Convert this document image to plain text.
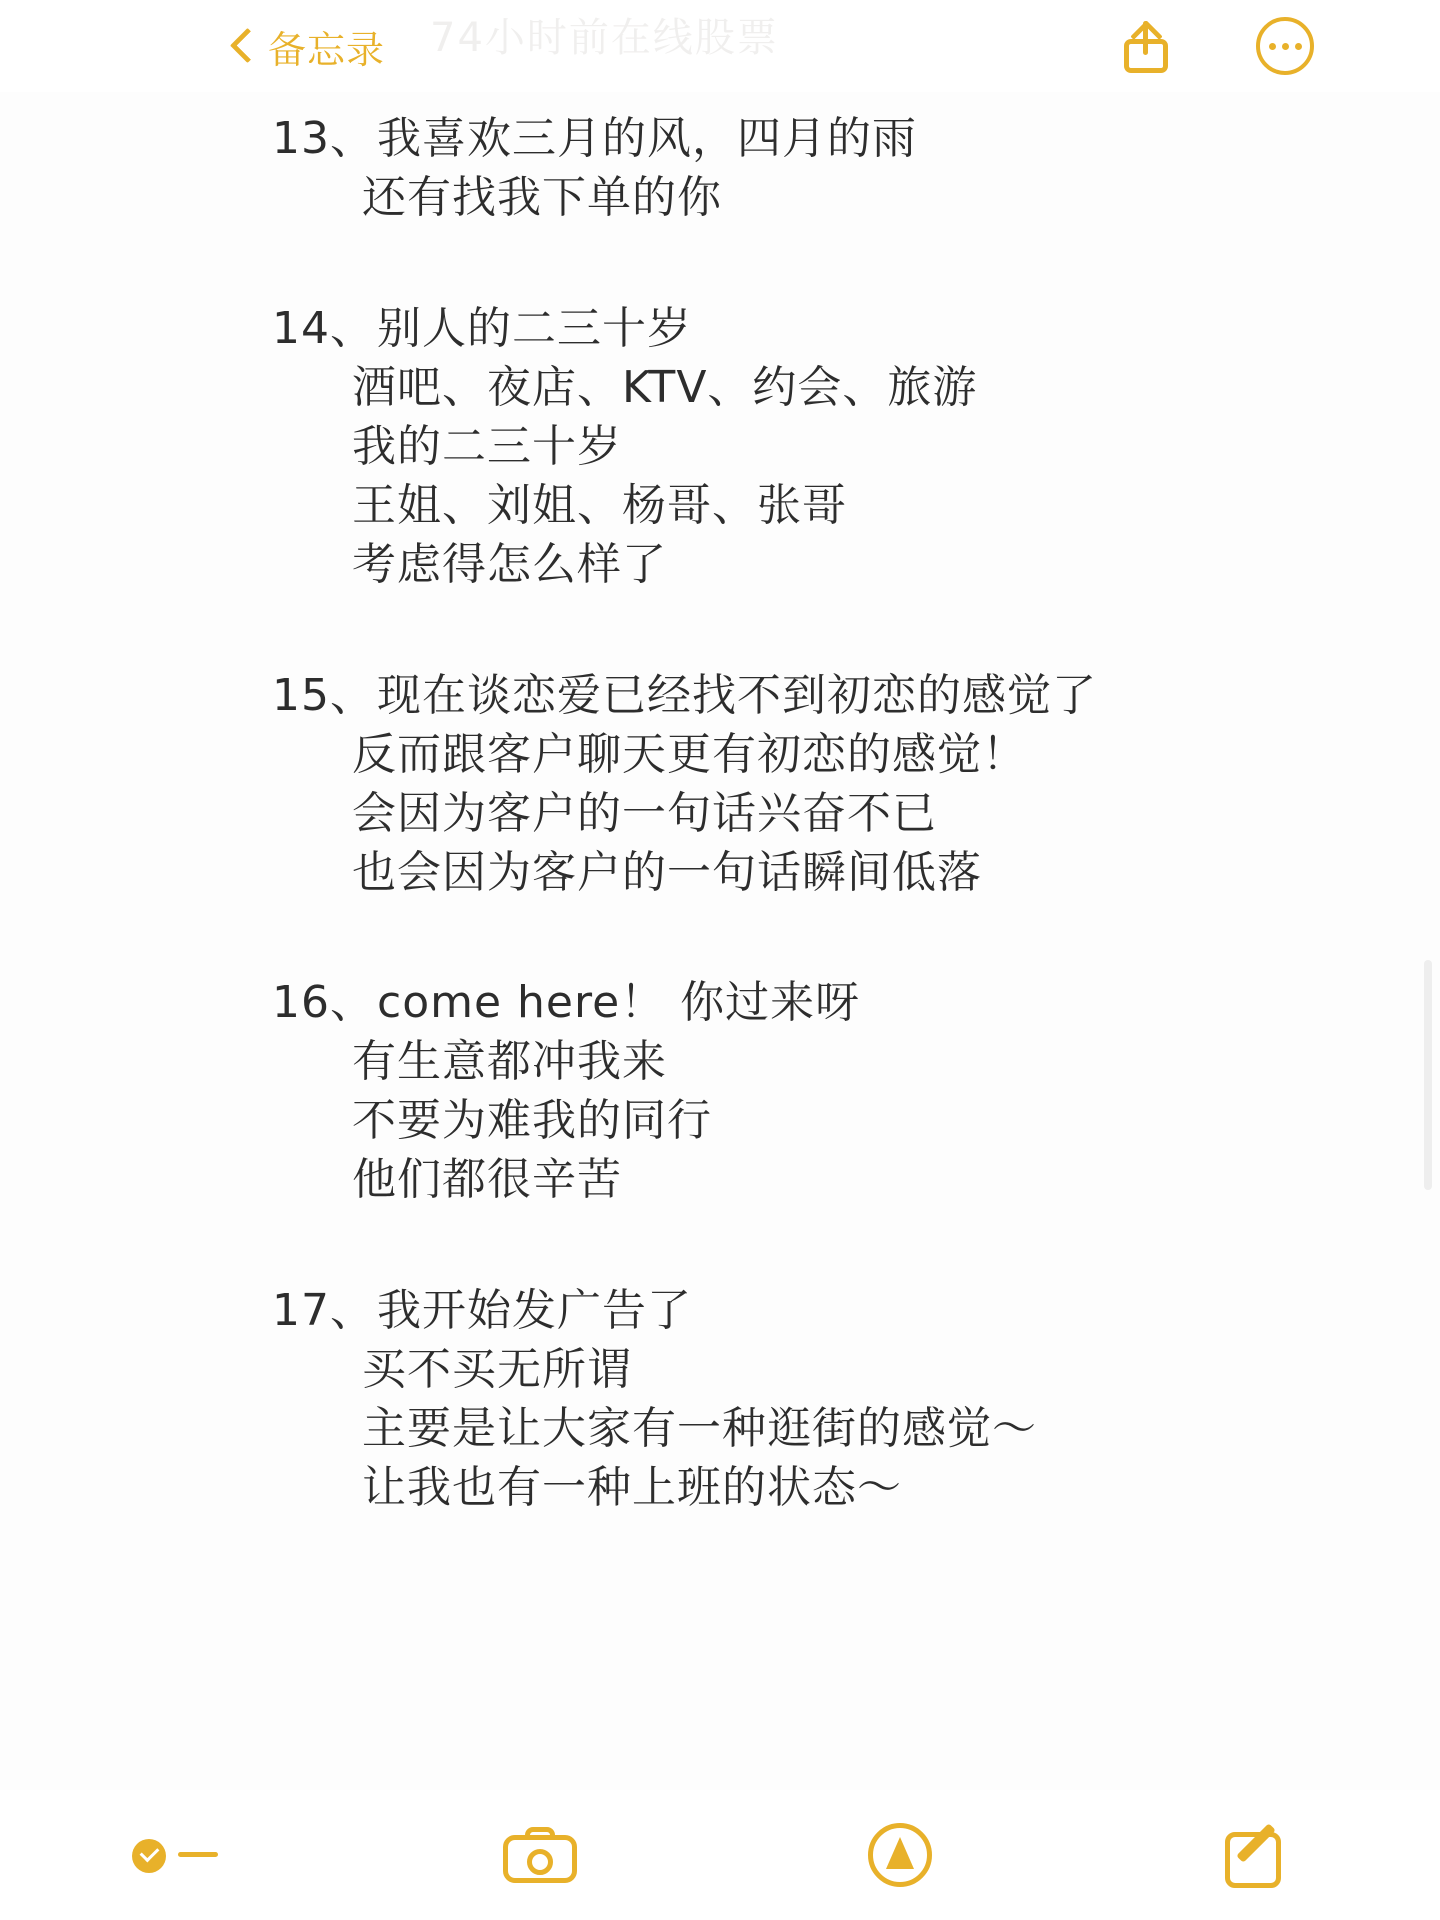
备忘录 74小时前在线股票
13、 我喜欢三月的风，四月的雨
还有找我下单的你
14、 别人的二三十岁
酒吧、夜店、KTV、约会、旅游
我的二三十岁
王姐、刘姐、杨哥、张哥
考虑得怎么样了
15、 现在谈恋爱已经找不到初恋的感觉了
反而跟客户聊天更有初恋的感觉！
会因为客户的一句话兴奋不已
也会因为客户的一句话瞬间低落
16、 come here！ 你过来呀
有生意都冲我来
不要为难我的同行
他们都很辛苦
17、 我开始发广告了
买不买无所谓
主要是让大家有一种逛街的感觉～
让我也有一种上班的状态～
